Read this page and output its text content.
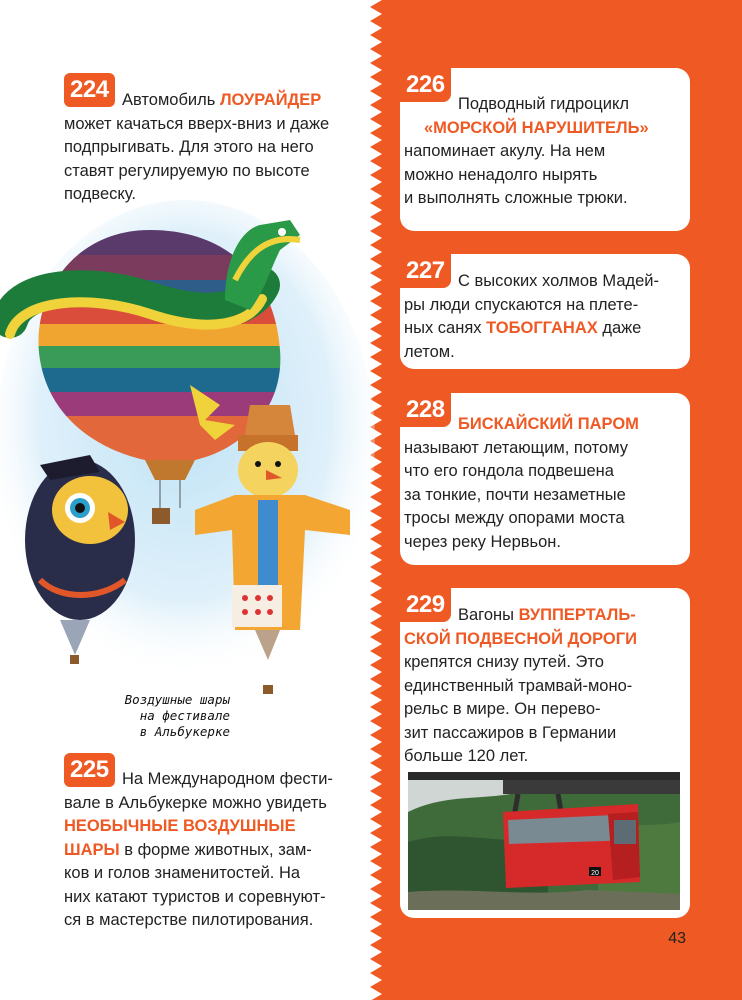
224 Автомобиль ЛОУРАЙДЕР
может качаться вверх-вниз и даже
подпрыгивать. Для этого на него
ставят регулируемую по высоте
подвеску.
Воздушные шары
на фестивале
в Альбукерке
225 На Международном фести-
вале в Альбукерке можно увидеть
НЕОБЫЧНЫЕ ВОЗДУШНЫЕ
ШАРЫ в форме животных, зам-
ков и голов знаменитостей. На
них катают туристов и соревнуют-
ся в мастерстве пилотирования.
226
Подводный гидроцикл
«МОРСКОЙ НАРУШИТЕЛЬ»
напоминает акулу. На нем
можно ненадолго нырять
и выполнять сложные трюки.
227 С высоких холмов Мадей-
ры люди спускаются на плете-
ных санях ТОБОГГАНАХ даже
летом.
228
БИСКАЙСКИЙ ПАРОМ
называют летающим, потому
что его гондола подвешена
за тонкие, почти незаметные
тросы между опорами моста
через реку Нервьон.
229 Вагоны ВУППЕРТАЛЬ-
СКОЙ ПОДВЕСНОЙ ДОРОГИ
крепятся снизу путей. Это
единственный трамвай-моно-
рельс в мире. Он перево-
зит пассажиров в Германии
больше 120 лет.
20
43
